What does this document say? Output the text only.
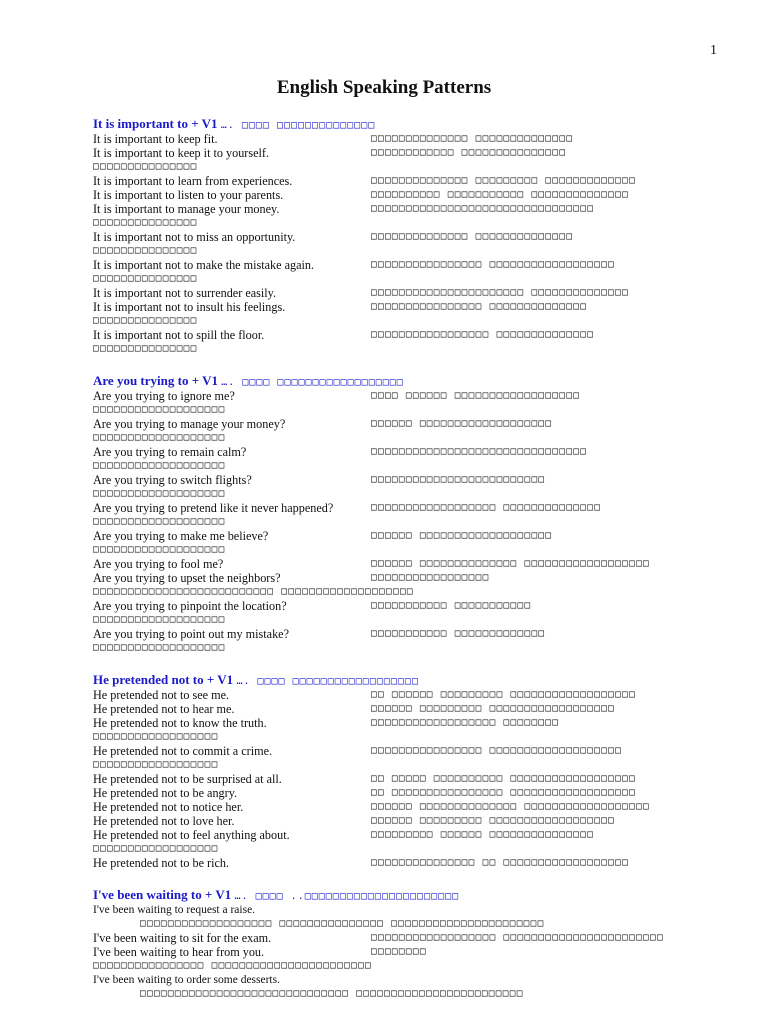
1
English Speaking Patterns
It is important to + V1 …. □□□□ □□□□□□□□□□□□□□
It is important to keep fit.	□□□□□□□□□□□□□□ □□□□□□□□□□□□□□
It is important to keep it to yourself.	□□□□□□□□□□□□ □□□□□□□□□□□□□□□
□□□□□□□□□□□□□□□
It is important to learn from experiences.	□□□□□□□□□□□□□□ □□□□□□□□□ □□□□□□□□□□□□□
It is important to listen to your parents.	□□□□□□□□□□ □□□□□□□□□□□ □□□□□□□□□□□□□□
It is important to manage your money.	□□□□□□□□□□□□□□□□□□□□□□□□□□□□□□□□
□□□□□□□□□□□□□□□
It is important not to miss an opportunity.	□□□□□□□□□□□□□□ □□□□□□□□□□□□□□
□□□□□□□□□□□□□□□
It is important not to make the mistake again.	□□□□□□□□□□□□□□□□ □□□□□□□□□□□□□□□□□□
□□□□□□□□□□□□□□□
It is important not to surrender easily.	□□□□□□□□□□□□□□□□□□□□□□ □□□□□□□□□□□□□□
It is important not to insult his feelings.	□□□□□□□□□□□□□□□□ □□□□□□□□□□□□□□
□□□□□□□□□□□□□□□
It is important not to spill the floor.	□□□□□□□□□□□□□□□□□ □□□□□□□□□□□□□□
□□□□□□□□□□□□□□□
Are you trying to + V1 …. □□□□ □□□□□□□□□□□□□□□□□□
Are you trying to ignore me?	□□□□ □□□□□□ □□□□□□□□□□□□□□□□□□
□□□□□□□□□□□□□□□□□□□
Are you trying to manage your money?	□□□□□□ □□□□□□□□□□□□□□□□□□□
□□□□□□□□□□□□□□□□□□□
Are you trying to remain calm?	□□□□□□□□□□□□□□□□□□□□□□□□□□□□□□□
□□□□□□□□□□□□□□□□□□□
Are you trying to switch flights?	□□□□□□□□□□□□□□□□□□□□□□□□□
□□□□□□□□□□□□□□□□□□□
Are you trying to pretend like it never happened?	□□□□□□□□□□□□□□□□□□ □□□□□□□□□□□□□□
□□□□□□□□□□□□□□□□□□□
Are you trying to make me believe?	□□□□□□ □□□□□□□□□□□□□□□□□□□
□□□□□□□□□□□□□□□□□□□
Are you trying to fool me?	□□□□□□ □□□□□□□□□□□□□□ □□□□□□□□□□□□□□□□□□
Are you trying to upset the neighbors?	□□□□□□□□□□□□□□□□□
□□□□□□□□□□□□□□□□□□□□□□□□□□ □□□□□□□□□□□□□□□□□□□
Are you trying to pinpoint the location?	□□□□□□□□□□□ □□□□□□□□□□□
□□□□□□□□□□□□□□□□□□□
Are you trying to point out my mistake?	□□□□□□□□□□□ □□□□□□□□□□□□□
□□□□□□□□□□□□□□□□□□□
He pretended not to + V1 …. □□□□ □□□□□□□□□□□□□□□□□□
He pretended not to see me.	□□ □□□□□□ □□□□□□□□□ □□□□□□□□□□□□□□□□□□
He pretended not to hear me.	□□□□□□ □□□□□□□□□ □□□□□□□□□□□□□□□□□□
He pretended not to know the truth.	□□□□□□□□□□□□□□□□□□ □□□□□□□□
□□□□□□□□□□□□□□□□□□
He pretended not to commit a crime.	□□□□□□□□□□□□□□□□ □□□□□□□□□□□□□□□□□□□
□□□□□□□□□□□□□□□□□□
He pretended not to be surprised at all.	□□ □□□□□ □□□□□□□□□□ □□□□□□□□□□□□□□□□□□
He pretended not to be angry.	□□ □□□□□□□□□□□□□□□□ □□□□□□□□□□□□□□□□□□
He pretended not to notice her.	□□□□□□ □□□□□□□□□□□□□□ □□□□□□□□□□□□□□□□□□
He pretended not to love her.	□□□□□□ □□□□□□□□□ □□□□□□□□□□□□□□□□□□
He pretended not to feel anything about.	□□□□□□□□□ □□□□□□ □□□□□□□□□□□□□□□
□□□□□□□□□□□□□□□□□□
He pretended not to be rich.	□□□□□□□□□□□□□□□ □□ □□□□□□□□□□□□□□□□□□
I've been waiting to + V1 …. □□□□ ..□□□□□□□□□□□□□□□□□□□□□□
I've been waiting to request a raise.
□□□□□□□□□□□□□□□□□□□ □□□□□□□□□□□□□□□ □□□□□□□□□□□□□□□□□□□□□□
I've been waiting to sit for the exam.	□□□□□□□□□□□□□□□□□□ □□□□□□□□□□□□□□□□□□□□□□□
I've been waiting to hear from you.	□□□□□□□□
□□□□□□□□□□□□□□□□ □□□□□□□□□□□□□□□□□□□□□□□
I've been waiting to order some desserts.
□□□□□□□□□□□□□□□□□□□□□□□□□□□□□□ □□□□□□□□□□□□□□□□□□□□□□□□
